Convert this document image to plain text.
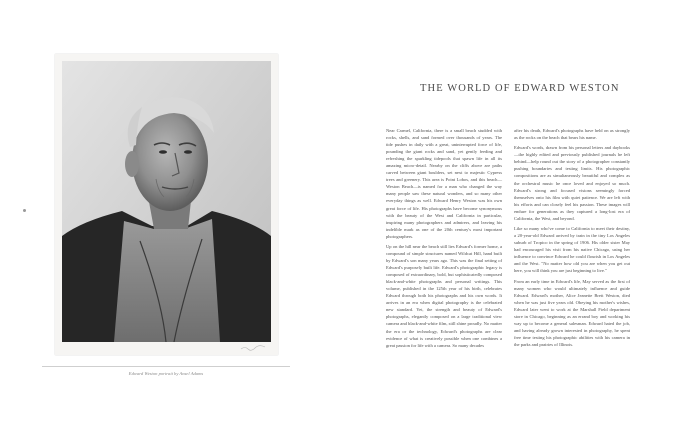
Edward Weston portrait by Ansel Adams
THE WORLD OF EDWARD WESTON

Near Carmel, California, there is a small beach studded with rocks, shells, and sand formed over thousands of years. The tide pushes in daily with a great, uninterrupted force of life, pounding the giant rocks and sand, yet gently feeding and refreshing the sparkling tidepools that spawn life in all its amazing micro-detail. Nearby on the cliffs above are paths carved between giant boulders, set next to majestic Cypress trees and greenery. This area is Point Lobos, and this beach—Weston Beach—is named for a man who changed the way many people saw these natural wonders, and so many other everyday things as well. Edward Henry Weston was his own great force of life. His photographs have become synonymous with the beauty of the West and California in particular, inspiring many photographers and admirers, and leaving his indelible mark as one of the 20th century's most important photographers.

Up on the hill near the beach still lies Edward's former home, a compound of simple structures named Wildcat Hill, hand built by Edward's son many years ago. This was the final setting of Edward's purposely built life. Edward's photographic legacy is composed of extraordinary, bold, but sophisticatedly composed black-and-white photographs and personal writings. This volume, published in the 125th year of his birth, celebrates Edward through both his photographs and his own words. It arrives in an era when digital photography is the celebrated new standard. Yet, the strength and beauty of Edward's photographs, elegantly composed on a large traditional view camera and black-and-white film, still shine proudly. No matter the era or the technology, Edward's photographs are clear evidence of what is creatively possible when one combines a great passion for life with a camera. So many decades

after his death, Edward's photographs have held on as strongly as the rocks on the beach that bears his name.

Edward's words, drawn from his personal letters and daybooks—the highly edited and previously published journals he left behind—help round out the story of a photographer constantly pushing boundaries and testing limits. His photographic compositions are as simultaneously beautiful and complex as the orchestral music he once loved and enjoyed so much. Edward's strong and focused visions seemingly forced themselves onto his film with quiet patience. We are left with his efforts and can closely feel his passion. These images will endure for generations as they captured a long-lost era of California, the West, and beyond.

Like so many who've come to California to meet their destiny, a 20-year-old Edward arrived by train in the tiny Los Angeles suburb of Tropico in the spring of 1906. His older sister May had encouraged his visit from his native Chicago, using her influence to convince Edward he could flourish in Los Angeles and the West. "No matter how old you are when you get out here, you will think you are just beginning to live."

From an early time in Edward's life, May served as the first of many women who would ultimately influence and guide Edward. Edward's mother, Alice Jeanette Brett Weston, died when he was just five years old. Obeying his mother's wishes, Edward later went to work at the Marshall Field department store in Chicago, beginning as an errand boy and working his way up to become a general salesman. Edward hated the job, and having already grown interested in photography, he spent free time testing his photographic abilities with his camera in the parks and prairies of Illinois.
